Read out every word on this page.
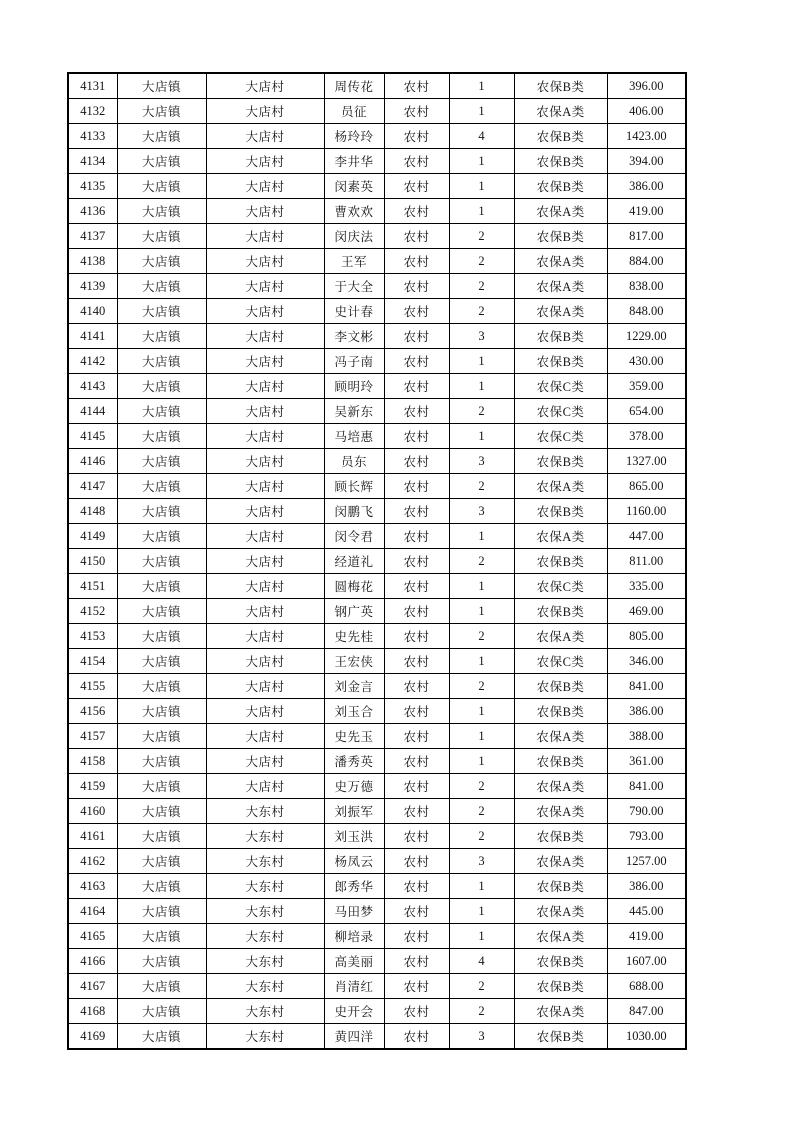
4131	大店镇	大店村	周传花	农村	1	农保B类	396.00
4132	大店镇	大店村	员征	农村	1	农保A类	406.00
4133	大店镇	大店村	杨玲玲	农村	4	农保B类	1423.00
4134	大店镇	大店村	李井华	农村	1	农保B类	394.00
4135	大店镇	大店村	闵素英	农村	1	农保B类	386.00
4136	大店镇	大店村	曹欢欢	农村	1	农保A类	419.00
4137	大店镇	大店村	闵庆法	农村	2	农保B类	817.00
4138	大店镇	大店村	王军	农村	2	农保A类	884.00
4139	大店镇	大店村	于大全	农村	2	农保A类	838.00
4140	大店镇	大店村	史计春	农村	2	农保A类	848.00
4141	大店镇	大店村	李文彬	农村	3	农保B类	1229.00
4142	大店镇	大店村	冯子南	农村	1	农保B类	430.00
4143	大店镇	大店村	顾明玲	农村	1	农保C类	359.00
4144	大店镇	大店村	吴新东	农村	2	农保C类	654.00
4145	大店镇	大店村	马培惠	农村	1	农保C类	378.00
4146	大店镇	大店村	员东	农村	3	农保B类	1327.00
4147	大店镇	大店村	顾长辉	农村	2	农保A类	865.00
4148	大店镇	大店村	闵鹏飞	农村	3	农保B类	1160.00
4149	大店镇	大店村	闵令君	农村	1	农保A类	447.00
4150	大店镇	大店村	经道礼	农村	2	农保B类	811.00
4151	大店镇	大店村	圆梅花	农村	1	农保C类	335.00
4152	大店镇	大店村	钢广英	农村	1	农保B类	469.00
4153	大店镇	大店村	史先桂	农村	2	农保A类	805.00
4154	大店镇	大店村	王宏侠	农村	1	农保C类	346.00
4155	大店镇	大店村	刘金言	农村	2	农保B类	841.00
4156	大店镇	大店村	刘玉合	农村	1	农保B类	386.00
4157	大店镇	大店村	史先玉	农村	1	农保A类	388.00
4158	大店镇	大店村	潘秀英	农村	1	农保B类	361.00
4159	大店镇	大店村	史万德	农村	2	农保A类	841.00
4160	大店镇	大东村	刘振军	农村	2	农保A类	790.00
4161	大店镇	大东村	刘玉洪	农村	2	农保B类	793.00
4162	大店镇	大东村	杨凤云	农村	3	农保A类	1257.00
4163	大店镇	大东村	郎秀华	农村	1	农保B类	386.00
4164	大店镇	大东村	马田梦	农村	1	农保A类	445.00
4165	大店镇	大东村	柳培录	农村	1	农保A类	419.00
4166	大店镇	大东村	高美丽	农村	4	农保B类	1607.00
4167	大店镇	大东村	肖清红	农村	2	农保B类	688.00
4168	大店镇	大东村	史开会	农村	2	农保A类	847.00
4169	大店镇	大东村	黄四洋	农村	3	农保B类	1030.00
